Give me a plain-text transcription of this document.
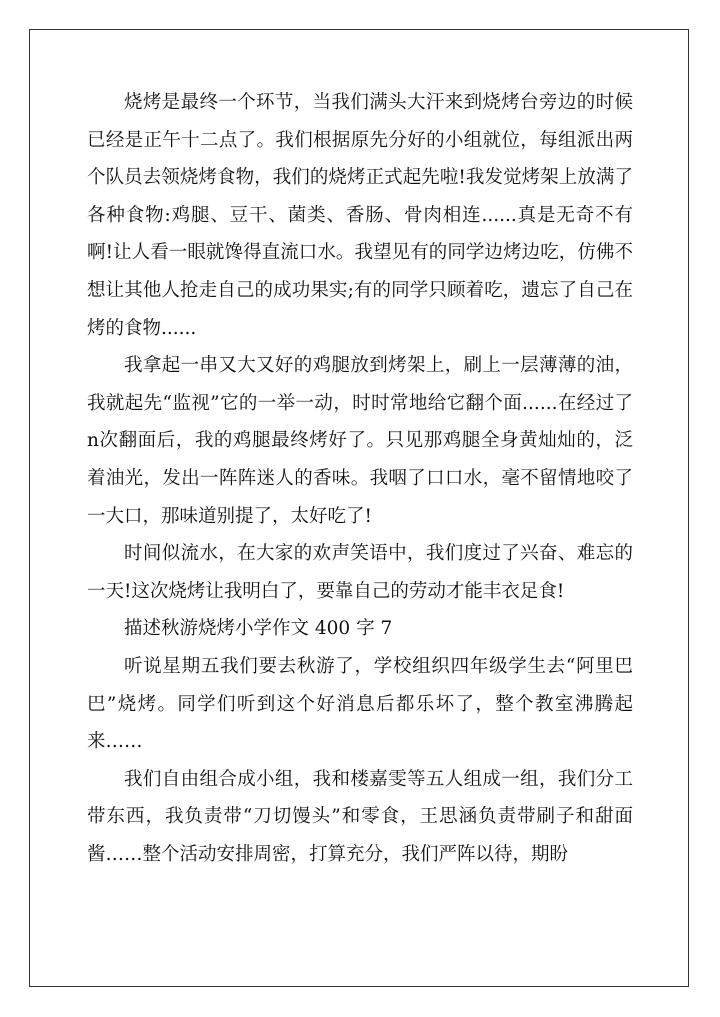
烧烤是最终一个环节，当我们满头大汗来到烧烤台旁边的时候已经是正午十二点了。我们根据原先分好的小组就位，每组派出两个队员去领烧烤食物，我们的烧烤正式起先啦!我发觉烤架上放满了各种食物:鸡腿、豆干、菌类、香肠、骨肉相连......真是无奇不有啊!让人看一眼就馋得直流口水。我望见有的同学边烤边吃，仿佛不想让其他人抢走自己的成功果实;有的同学只顾着吃，遗忘了自己在烤的食物......

我拿起一串又大又好的鸡腿放到烤架上，刷上一层薄薄的油，我就起先“监视”它的一举一动，时时常地给它翻个面......在经过了n次翻面后，我的鸡腿最终烤好了。只见那鸡腿全身黄灿灿的，泛着油光，发出一阵阵迷人的香味。我咽了口口水，毫不留情地咬了一大口，那味道别提了，太好吃了!

时间似流水，在大家的欢声笑语中，我们度过了兴奋、难忘的一天!这次烧烤让我明白了，要靠自己的劳动才能丰衣足食!

描述秋游烧烤小学作文 400 字 7

听说星期五我们要去秋游了，学校组织四年级学生去“阿里巴巴”烧烤。同学们听到这个好消息后都乐坏了，整个教室沸腾起来……

我们自由组合成小组，我和楼嘉雯等五人组成一组，我们分工带东西，我负责带“刀切馒头”和零食，王思涵负责带刷子和甜面酱……整个活动安排周密，打算充分，我们严阵以待，期盼
